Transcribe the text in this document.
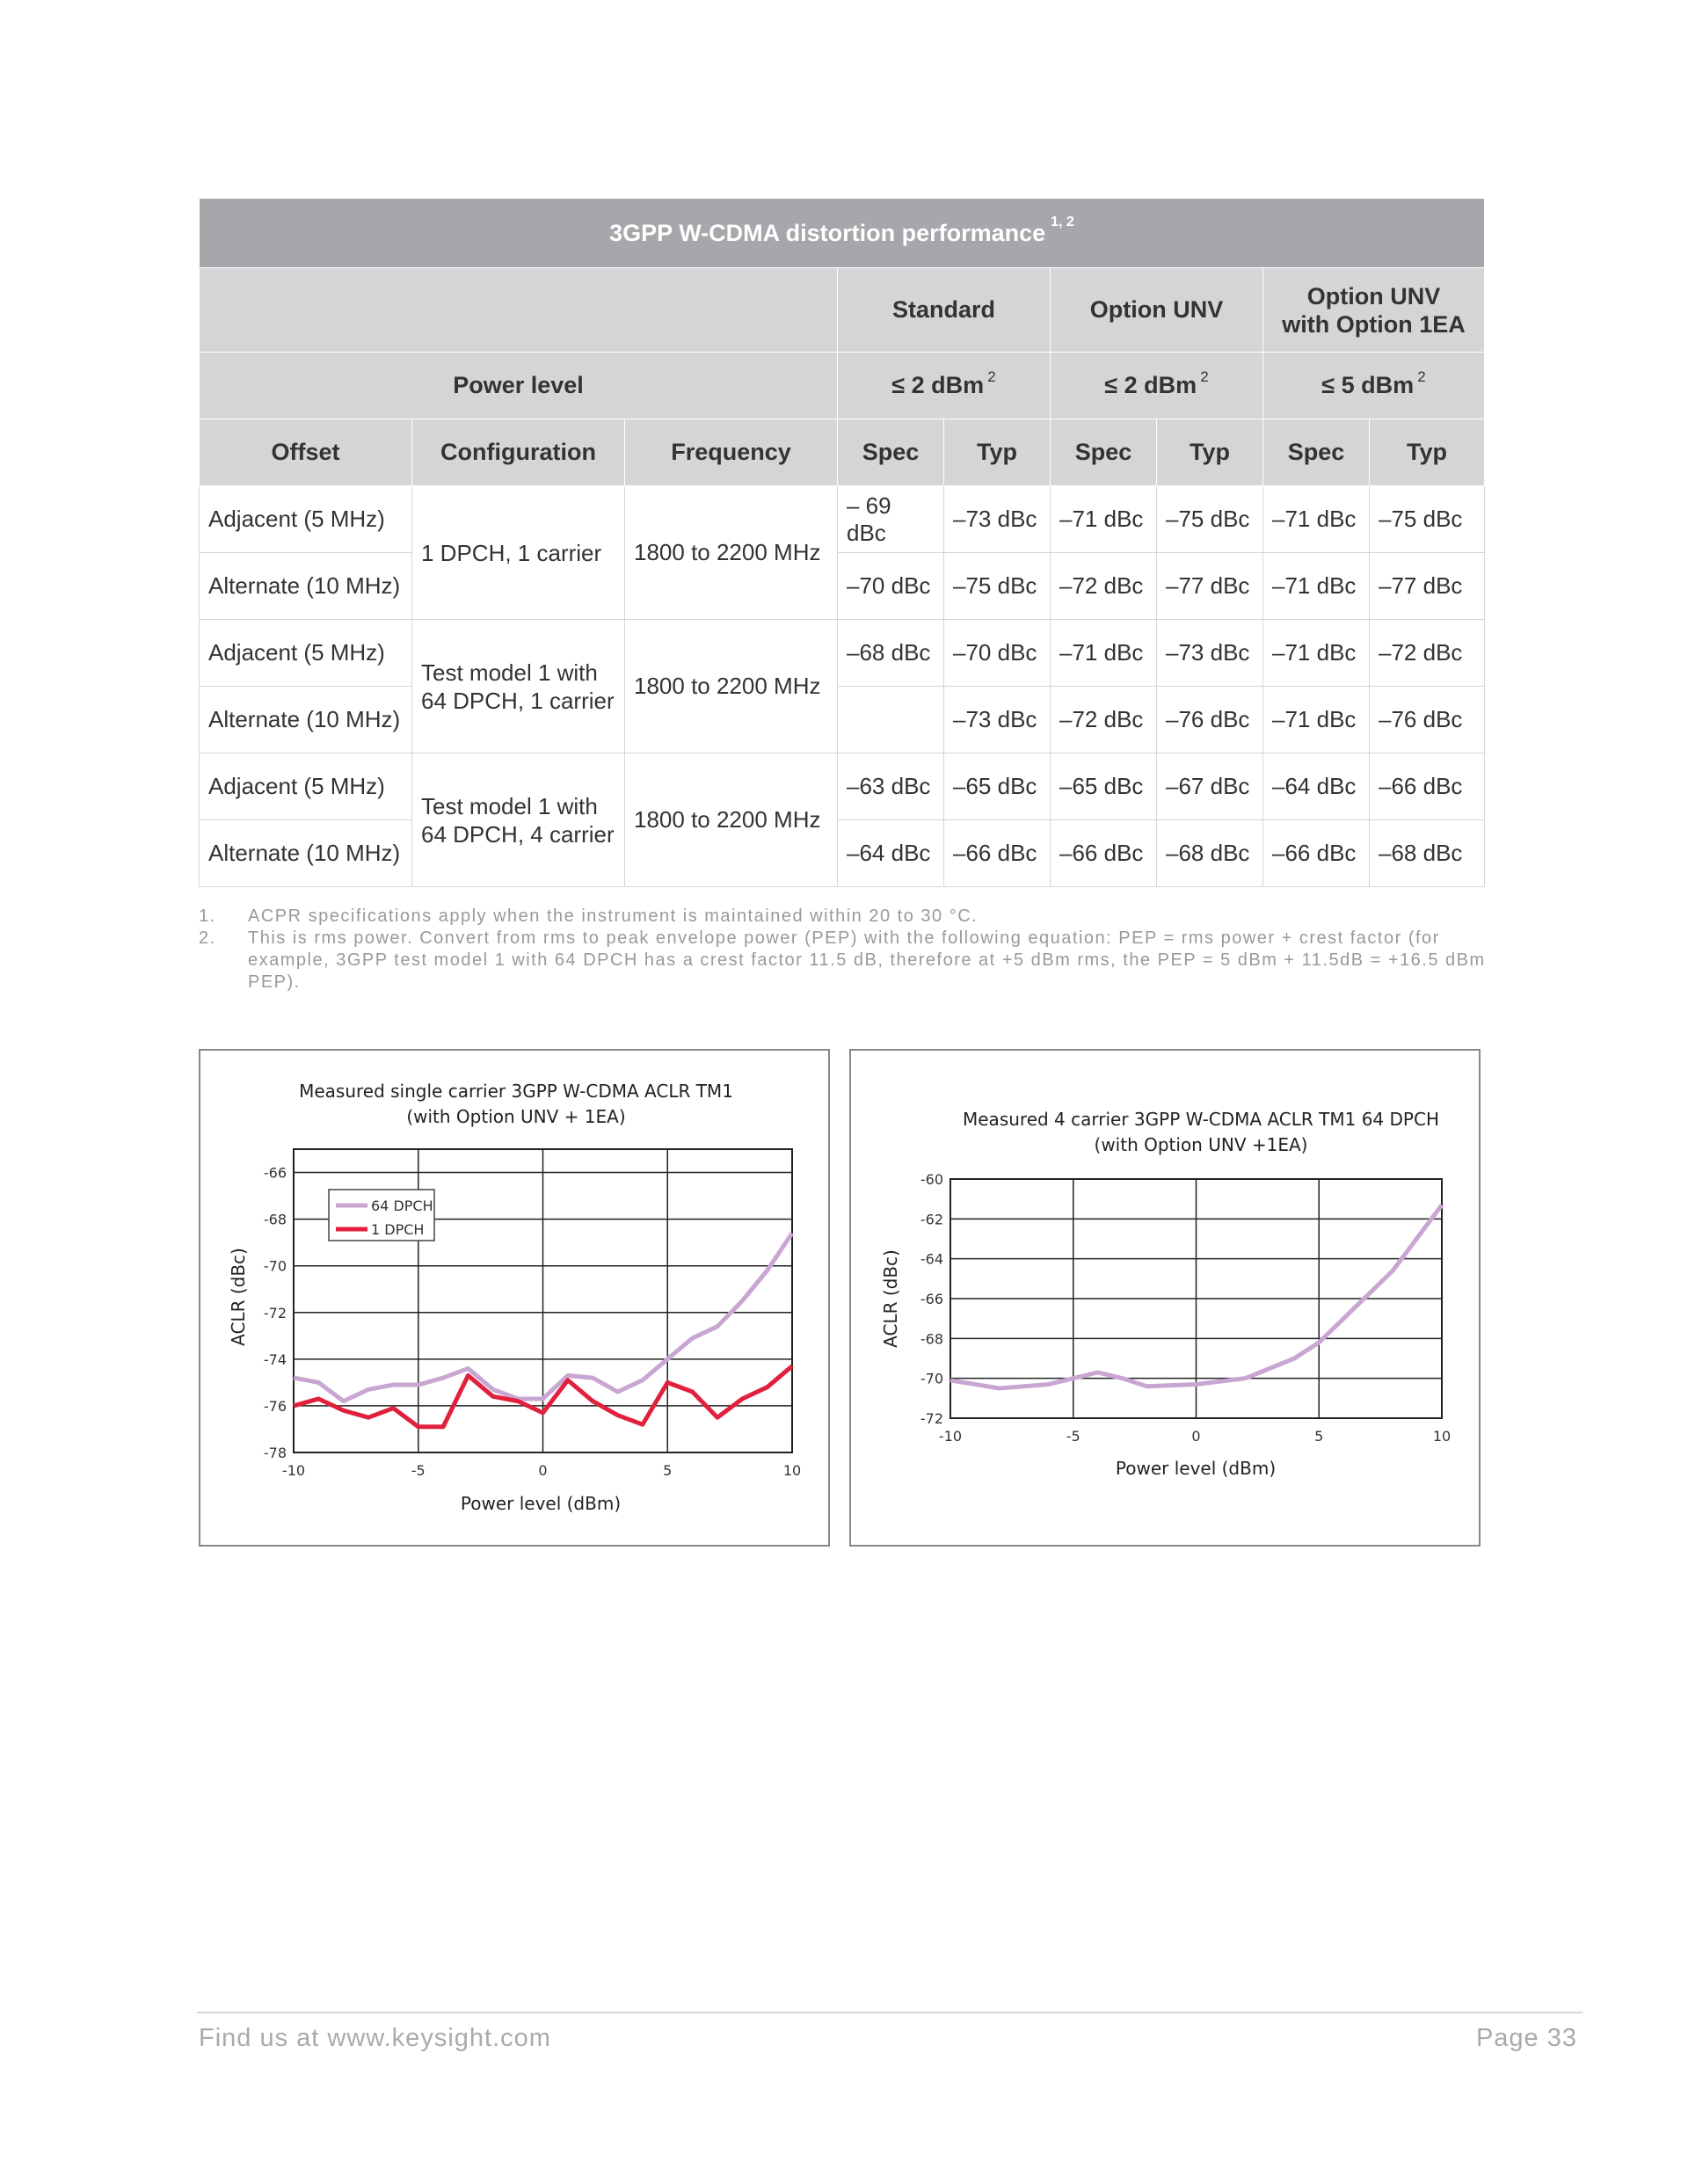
3GPP W-CDMA distortion performance $^{1, 2}$
			Standard		Option UNV		Option UNV with Option 1EA	
Power level			≤ 2 dBm $^2$		≤ 2 dBm $^2$		≤ 5 dBm $^2$
Offset	Configuration	Frequency	Spec	Typ	Spec	Typ	Spec	Typ
Adjacent (5 MHz)	1 DPCH, 1 carrier	1800 to 2200 MHz	– 69 dBc	–73 dBc	–71 dBc	–75 dBc	–71 dBc	–75 dBc
Alternate (10 MHz)			–70 dBc	–75 dBc	–72 dBc	–77 dBc	–71 dBc	–77 dBc
Adjacent (5 MHz)	Test model 1 with 64 DPCH, 1 carrier	1800 to 2200 MHz	–68 dBc	–70 dBc	–71 dBc	–73 dBc	–71 dBc	–72 dBc
Alternate (10 MHz)				–73 dBc	–72 dBc	–76 dBc	–71 dBc	–76 dBc
Adjacent (5 MHz)	Test model 1 with 64 DPCH, 4 carrier	1800 to 2200 MHz	–63 dBc	–65 dBc	–65 dBc	–67 dBc	–64 dBc	–66 dBc
Alternate (10 MHz)			–64 dBc	–66 dBc	–66 dBc	–68 dBc	–66 dBc	–68 dBc
1.	ACPR specifications apply when the instrument is maintained within 20 to 30 °C.
2.	This is rms power. Convert from rms to peak envelope power (PEP) with the following equation: PEP = rms power + crest factor (for example, 3GPP test model 1 with 64 DPCH has a crest factor 11.5 dB, therefore at +5 dBm rms, the PEP = 5 dBm + 11.5dB = +16.5 dBm PEP).
Measured single carrier 3GPP W-CDMA ACLR TM1
(with Option UNV + 1EA)
Power level (dBm)
ACLR (dBc)
-10	-5	0	5	10
-66
-68
-70
-72
-74
-76
-78
64 DPCH
1 DPCH
Measured 4 carrier 3GPP W-CDMA ACLR TM1 64 DPCH
(with Option UNV +1EA)
Power level (dBm)
ACLR (dBc)
-10	-5	0	5	10
-60
-62
-64
-66
-68
-70
-72
Find us at www.keysight.com	Page 33
